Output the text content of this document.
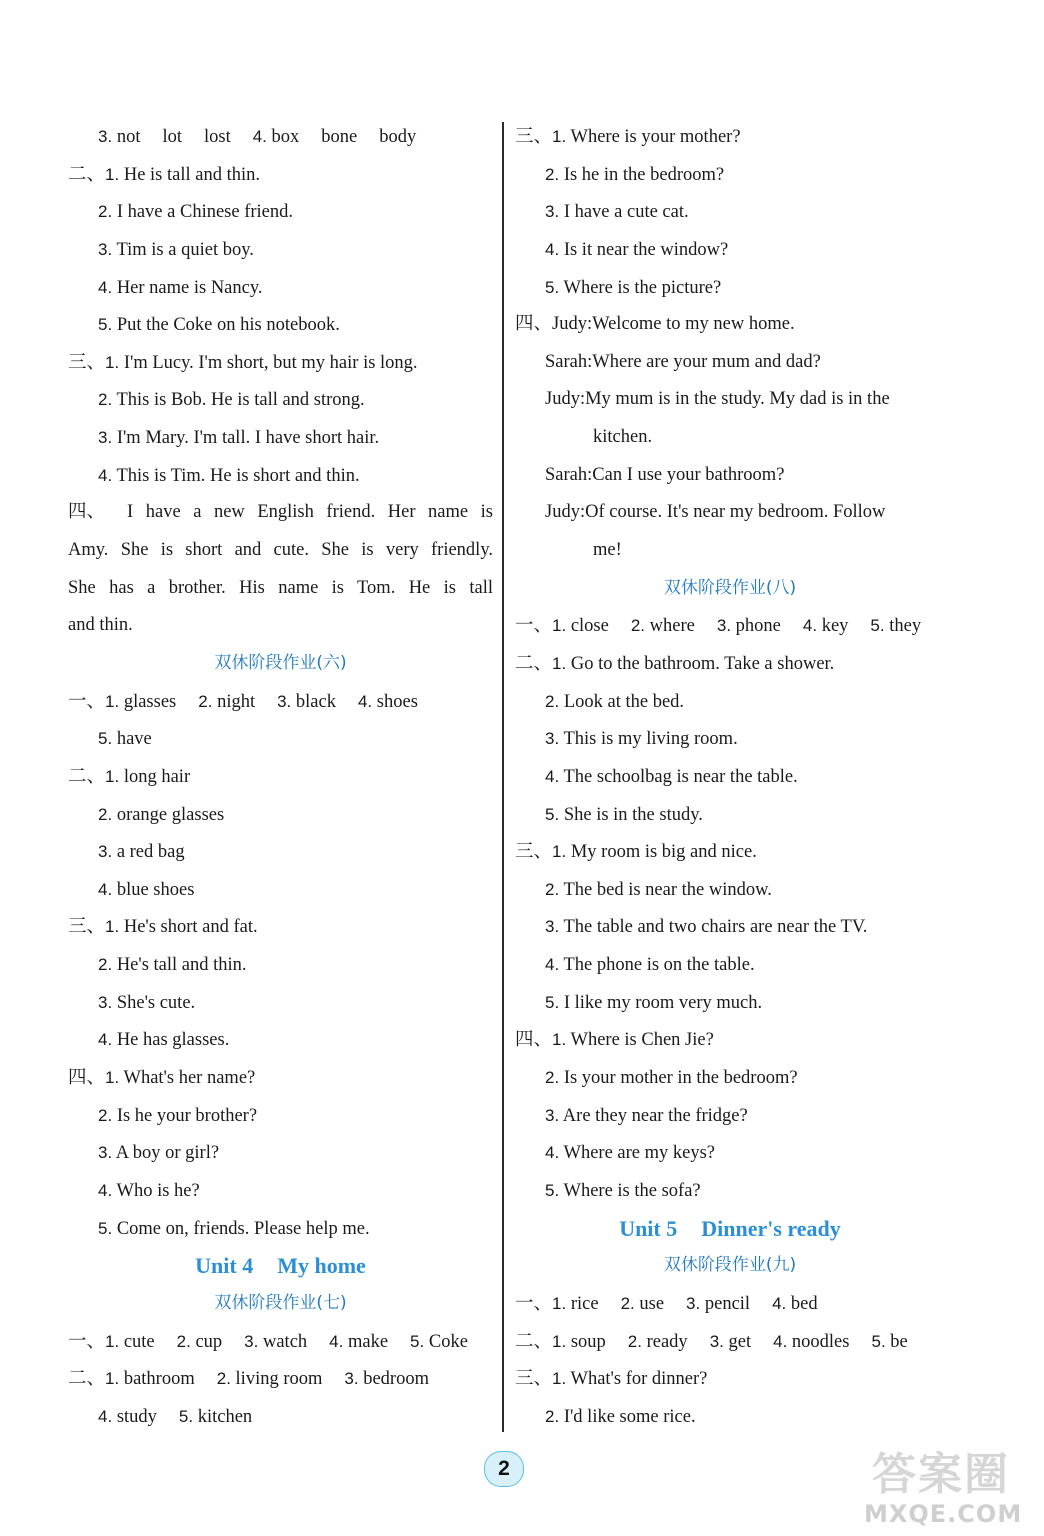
3. not lot lost 4. box bone body
二、1. He is tall and thin.
2. I have a Chinese friend.
3. Tim is a quiet boy.
4. Her name is Nancy.
5. Put the Coke on his notebook.
三、1. I'm Lucy. I'm short, but my hair is long.
2. This is Bob. He is tall and strong.
3. I'm Mary. I'm tall. I have short hair.
4. This is Tim. He is short and thin.
四、 I have a new English friend. Her name is
Amy. She is short and cute. She is very friendly.
She has a brother. His name is Tom. He is tall
and thin.
双休阶段作业(六)
一、1. glasses 2. night 3. black 4. shoes
5. have
二、1. long hair
2. orange glasses
3. a red bag
4. blue shoes
三、1. He's short and fat.
2. He's tall and thin.
3. She's cute.
4. He has glasses.
四、1. What's her name?
2. Is he your brother?
3. A boy or girl?
4. Who is he?
5. Come on, friends. Please help me.
Unit 4 My home
双休阶段作业(七)
一、1. cute 2. cup 3. watch 4. make 5. Coke
二、1. bathroom 2. living room 3. bedroom
4. study 5. kitchen
三、1. Where is your mother?
2. Is he in the bedroom?
3. I have a cute cat.
4. Is it near the window?
5. Where is the picture?
四、Judy:Welcome to my new home.
Sarah:Where are your mum and dad?
Judy:My mum is in the study. My dad is in the
kitchen.
Sarah:Can I use your bathroom?
Judy:Of course. It's near my bedroom. Follow
me!
双休阶段作业(八)
一、1. close 2. where 3. phone 4. key 5. they
二、1. Go to the bathroom. Take a shower.
2. Look at the bed.
3. This is my living room.
4. The schoolbag is near the table.
5. She is in the study.
三、1. My room is big and nice.
2. The bed is near the window.
3. The table and two chairs are near the TV.
4. The phone is on the table.
5. I like my room very much.
四、1. Where is Chen Jie?
2. Is your mother in the bedroom?
3. Are they near the fridge?
4. Where are my keys?
5. Where is the sofa?
Unit 5 Dinner's ready
双休阶段作业(九)
一、1. rice 2. use 3. pencil 4. bed
二、1. soup 2. ready 3. get 4. noodles 5. be
三、1. What's for dinner?
2. I'd like some rice.
2	答案圈
MXQE.COM
